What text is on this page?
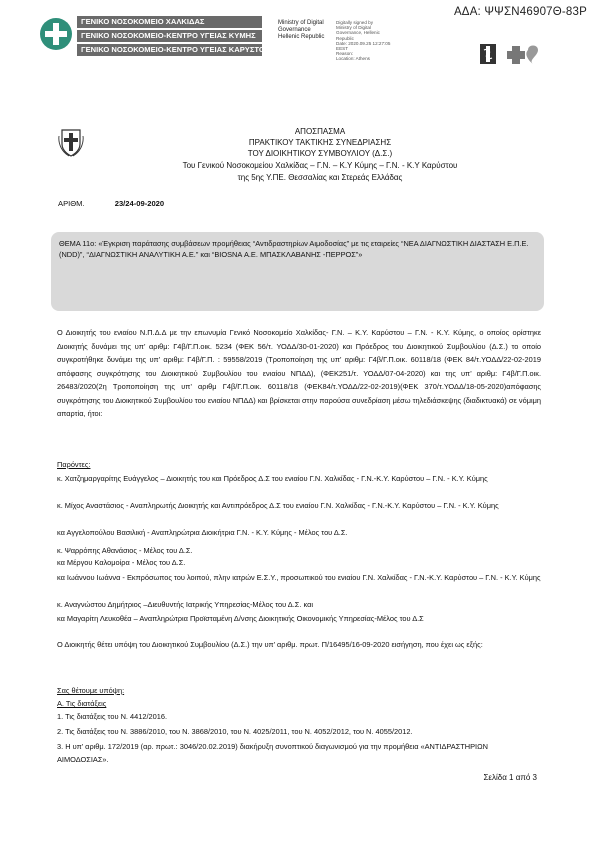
ΑΔΑ: ΨΨΣΝ46907Θ-83Ρ
Ministry of Digital
Governance
Hellenic Republic
Digitally signed by
Ministry of Digital
Governance, Hellenic
Republic
Date: 2020.09.25 12:27:05
EEST
Reason:
Location: Athens
ΓΕΝΙΚΟ ΝΟΣΟΚΟΜΕΙΟ ΧΑΛΚΙΔΑΣ
ΓΕΝΙΚΟ ΝΟΣΟΚΟΜΕΙΟ-ΚΕΝΤΡΟ ΥΓΕΙΑΣ ΚΥΜΗΣ
ΓΕΝΙΚΟ ΝΟΣΟΚΟΜΕΙΟ-ΚΕΝΤΡΟ ΥΓΕΙΑΣ ΚΑΡΥΣΤΟΥ
ΑΠΟΣΠΑΣΜΑ
ΠΡΑΚΤΙΚΟΥ ΤΑΚΤΙΚΗΣ ΣΥΝΕΔΡΙΑΣΗΣ
ΤΟΥ ΔΙΟΙΚΗΤΙΚΟΥ ΣΥΜΒΟΥΛΙΟΥ (Δ.Σ.)
Του Γενικού Νοσοκομείου Χαλκίδας – Γ.Ν. – Κ.Υ Κύμης – Γ.Ν. - Κ.Υ Καρύστου
της 5ης Υ.ΠΕ. Θεσσαλίας και Στερεάς Ελλάδας
ΑΡΙΘΜ.	23/24-09-2020
ΘΕΜΑ 11ο: «Έγκριση παράτασης συμβάσεων προμήθειας “Αντιδραστηρίων Αιμοδοσίας” με τις εταιρείες “ΝΕΑ ΔΙΑΓΝΩΣΤΙΚΗ ΔΙΑΣΤΑΣΗ Ε.Π.Ε. (NDD)”, “ΔΙΑΓΝΩΣΤΙΚΗ ΑΝΑΛΥΤΙΚΗ Α.Ε.” και “BIOSNA Α.Ε. ΜΠΑΣΚΛΑΒΑΝΗΣ -ΠΕΡΡΟΣ”»
Ο Διοικητής του ενιαίου Ν.Π.Δ.Δ με την επωνυμία Γενικό Νοσοκομείο Χαλκίδας- Γ.Ν. – Κ.Υ. Καρύστου – Γ.Ν. - Κ.Υ. Κύμης, ο οποίος ορίστηκε Διοικητής δυνάμει της υπ’ αριθμ: Γ4β/Γ.Π.οικ. 5234 (ΦΕΚ 56/τ. ΥΟΔΔ/30-01-2020) και Πρόεδρος του Διοικητικού Συμβουλίου (Δ.Σ.) το οποίο συγκροτήθηκε δυνάμει της υπ’ αριθμ: Γ4β/Γ.Π. : 59558/2019 (Τροποποίηση της υπ’ αριθμ: Γ4β/Γ.Π.οικ. 60118/18 (ΦΕΚ 84/τ.ΥΟΔΔ/22-02-2019 απόφασης συγκρότησης του Διοικητικού Συμβουλίου του ενιαίου ΝΠΔΔ), (ΦΕΚ251/τ. ΥΟΔΔ/07-04-2020) και της υπ’ αριθμ: Γ4β/Γ.Π.οικ. 26483/2020(2η Τροποποίηση της υπ’ αριθμ Γ4β/Γ.Π.οικ. 60118/18 (ΦΕΚ84/τ.ΥΟΔΔ/22-02-2019)(ΦΕΚ 370/τ.ΥΟΔΔ/18-05-2020)απόφασης συγκρότησης του Διοικητικού Συμβουλίου του ενιαίου ΝΠΔΔ) και βρίσκεται στην παρούσα συνεδρίαση μέσω τηλεδιάσκεψης (διαδικτυακά) σε νόμιμη απαρτία, ήτοι:
Παρόντες:
κ. Χατζημαργαρίτης Ευάγγελος – Διοικητής του και Πρόεδρος Δ.Σ του ενιαίου Γ.Ν. Χαλκίδας - Γ.Ν.-Κ.Υ. Καρύστου – Γ.Ν. - Κ.Υ. Κύμης
κ. Μίχος Αναστάσιος - Αναπληρωτής Διοικητής και Αντιπρόεδρος Δ.Σ του ενιαίου Γ.Ν. Χαλκίδας - Γ.Ν.-Κ.Υ. Καρύστου – Γ.Ν. - Κ.Υ. Κύμης
κα Αγγελοπούλου Βασιλική - Αναπληρώτρια Διοικήτρια Γ.Ν. - Κ.Υ. Κύμης - Μέλος του Δ.Σ.
κ. Ψαρρόπης Αθανάσιος - Μέλος του Δ.Σ.
κα Μέργου Καλομοίρα - Μέλος του Δ.Σ.
κα Ιωάννου Ιωάννα - Εκπρόσωπος του λοιπού, πλην ιατρών Ε.Σ.Υ., προσωπικού του ενιαίου Γ.Ν. Χαλκίδας - Γ.Ν.-Κ.Υ. Καρύστου – Γ.Ν. - Κ.Υ. Κύμης
κ. Αναγνώστου Δημήτριος –Διευθυντής Ιατρικής Υπηρεσίας-Μέλος του Δ.Σ. και
κα Μαγαρίτη Λευκοθέα – Αναπληρώτρια Προϊσταμένη Δ/νσης Διοικητικής Οικονομικής Υπηρεσίας-Μέλος του Δ.Σ
Ο Διοικητής θέτει υπόψη του Διοικητικού Συμβουλίου (Δ.Σ.) την υπ’ αριθμ. πρωτ. Π/16495/16-09-2020 εισήγηση, που έχει ως εξής:
Σας θέτουμε υπόψη:
Α. Τις διατάξεις
1. Τις διατάξεις του Ν. 4412/2016.
2. Τις διατάξεις του Ν. 3886/2010, του Ν. 3868/2010, του Ν. 4025/2011, του Ν. 4052/2012, του Ν. 4055/2012.
3. Η υπ’ αριθμ. 172/2019 (αρ. πρωτ.: 3046/20.02.2019) διακήρυξη συνοπτικού διαγωνισμού για την προμήθεια «ΑΝΤΙΔΡΑΣΤΗΡΙΩΝ ΑΙΜΟΔΟΣΙΑΣ».
Σελίδα 1 από 3
